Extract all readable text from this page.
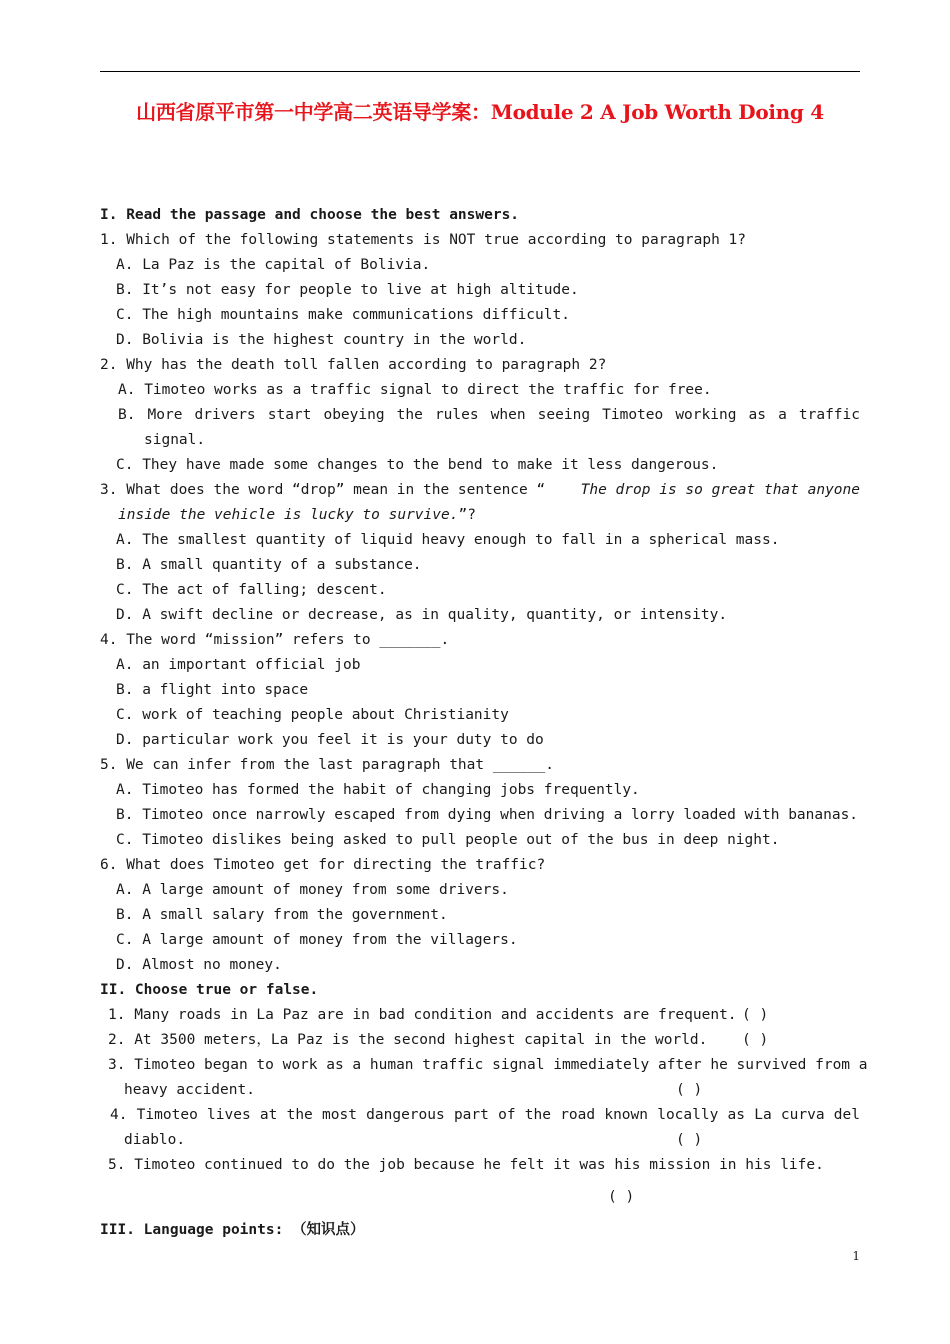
山西省原平市第一中学高二英语导学案：Module 2 A Job Worth Doing 4
I. Read the passage and choose the best answers.
1. Which of the following statements is NOT true according to paragraph 1?
A. La Paz is the capital of Bolivia.
B. It’s not easy for people to live at high altitude.
C. The high mountains make communications difficult.
D. Bolivia is the highest country in the world.
2. Why has the death toll fallen according to paragraph 2?
A. Timoteo works as a traffic signal to direct the traffic for free.
B. More drivers start obeying the rules when seeing Timoteo working as a traffic
signal.
C. They have made some changes to the bend to make it less dangerous.
3. What does the word “drop” mean in the sentence “ The drop is so great that anyone
inside the vehicle is lucky to survive.”?
A. The smallest quantity of liquid heavy enough to fall in a spherical mass.
B. A small quantity of a substance.
C. The act of falling; descent.
D. A swift decline or decrease, as in quality, quantity, or intensity.
4. The word “mission” refers to _______.
A. an important official job
B. a flight into space
C. work of teaching people about Christianity
D. particular work you feel it is your duty to do
5. We can infer from the last paragraph that ______.
A. Timoteo has formed the habit of changing jobs frequently.
B. Timoteo once narrowly escaped from dying when driving a lorry loaded with bananas.
C. Timoteo dislikes being asked to pull people out of the bus in deep night.
6. What does Timoteo get for directing the traffic?
A. A large amount of money from some drivers.
B. A small salary from the government.
C. A large amount of money from the villagers.
D. Almost no money.
II. Choose true or false.
1. Many roads in La Paz are in bad condition and accidents are frequent. ( )
2. At 3500 meters，La Paz is the second highest capital in the world. ( )
3. Timoteo began to work as a human traffic signal immediately after he survived from a
heavy accident.	( )
4. Timoteo lives at the most dangerous part of the road known locally as La curva del
diablo.	( )
5. Timoteo continued to do the job because he felt it was his mission in his life.
( )
III. Language points: （知识点）
1
